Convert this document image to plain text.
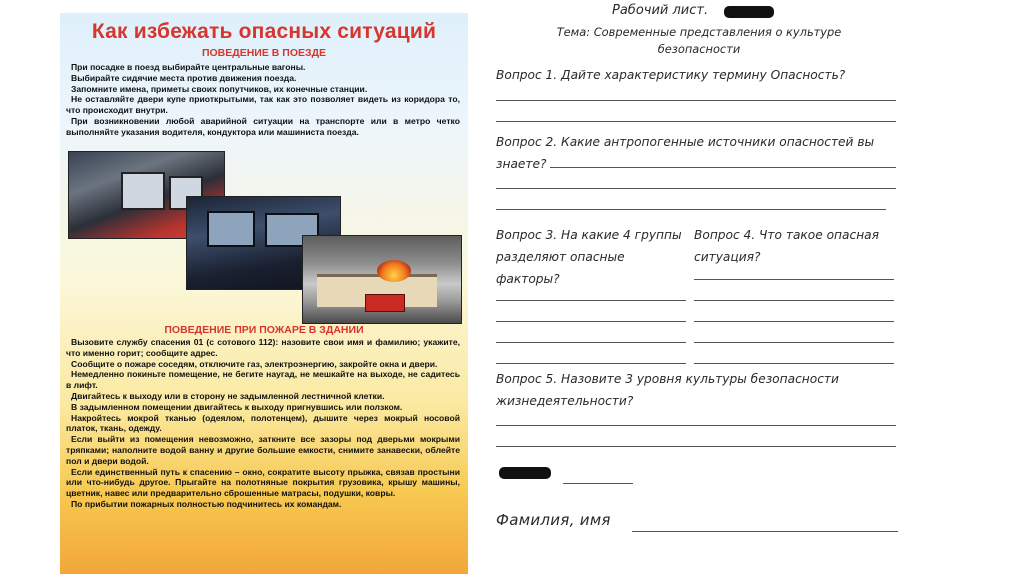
Как избежать опасных ситуаций
ПОВЕДЕНИЕ В ПОЕЗДЕ

При посадке в поезд выбирайте центральные вагоны.

Выбирайте сидячие места против движения поезда.

Запомните имена, приметы своих попутчиков, их конечные станции.

Не оставляйте двери купе приоткрытыми, так как это позволяет видеть из коридора то, что происходит внутри.

При возникновении любой аварийной ситуации на транспорте или в метро четко выполняйте указания водителя, кондуктора или машиниста поезда.

ПОВЕДЕНИЕ ПРИ ПОЖАРЕ В ЗДАНИИ

Вызовите службу спасения 01 (с сотового 112): назовите свои имя и фамилию; укажите, что именно горит; сообщите адрес.

Сообщите о пожаре соседям, отключите газ, электроэнергию, закройте окна и двери.

Немедленно покиньте помещение, не бегите наугад, не мешкайте на выходе, не садитесь в лифт.

Двигайтесь к выходу или в сторону не задымленной лестничной клетки.

В задымленном помещении двигайтесь к выходу пригнувшись или ползком.

Накройтесь мокрой тканью (одеялом, полотенцем), дышите через мокрый носовой платок, ткань, одежду.

Если выйти из помещения невозможно, заткните все зазоры под дверьми мокрыми тряпками; наполните водой ванну и другие большие емкости, снимите занавески, облейте пол и двери водой.

Если единственный путь к спасению – окно, сократите высоту прыжка, связав простыни или что-нибудь другое. Прыгайте на полотняные покрытия грузовика, крышу машины, цветник, навес или предварительно сброшенные матрасы, подушки, ковры.

По прибытии пожарных полностью подчинитесь их командам.

Рабочий лист.
Тема: Современные представления о культуре безопасности
Вопрос 1. Дайте характеристику термину Опасность?
Вопрос 2. Какие антропогенные источники опасностей вы знаете?
Вопрос 3. На какие 4 группы разделяют опасные факторы?
Вопрос 4. Что такое опасная ситуация?
Вопрос 5. Назовите 3 уровня культуры безопасности жизнедеятельности?
Фамилия, имя
